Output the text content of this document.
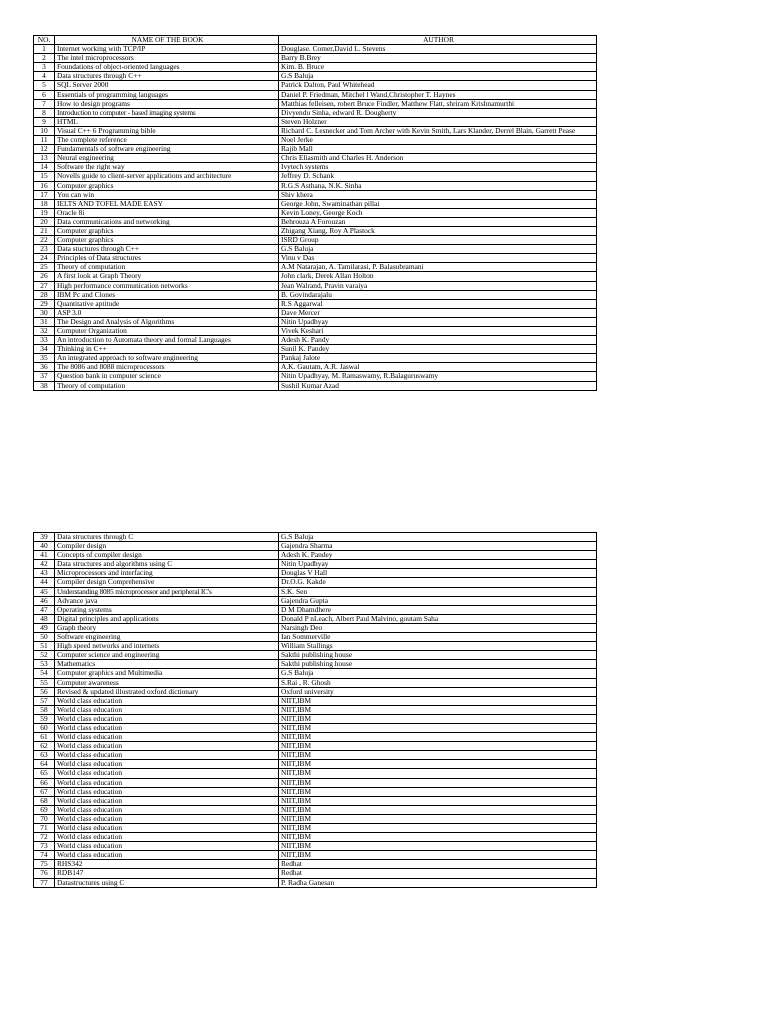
NO.	NAME OF THE BOOK	AUTHOR
1	Internet working with TCP/IP	Douglase. Comer,David L. Stevens
2	The intel microprocessors	Barry B.Brey
3	Foundations of object-oriented languages	Kim. B. Bruce
4	Data structures through C++	G.S Baluja
5	SQL Server 2000	Patrick Dalton, Paul Whitehead
6	Essentials of programming languages	Daniel P. Friedman, Mitchel l Wand,Christopher T. Haynes
7	How to design programs	Matthias felleisen, robert Bruce Findler, Matthew Flatt, shriram Krishnamurthi
8	Introduction to computer - based imaging systems	Divyendu Sinha, edward R. Dougherty
9	HTML	Steven Holzner
10	Visual C++ 6 Programming bible	Richard C. Lesnecker and Tom Archer with Kevin Smith, Lars Klander, Derrel Blain, Garrett Pease
11	The complete reference	Noel Jerke
12	Fundamentals of software engineering	Rajib Mall
13	Neural engineering	Chris Eliasmith and Charles H. Anderson
14	Software the right way	Ivytech systems
15	Novells guide to client-server applications and architecture	Jeffrey D. Schank
16	Computer graphics	R.G.S Asthana, N.K. Sinha
17	You can win	Shiv khera
18	IELTS AND TOFEL MADE EASY	George John, Swaminathan pillai
19	Oracle 8i	Kevin Loney, George Koch
20	Data communications and networking	Behrouza A Forouzan
21	Computer graphics	Zhigang Xiang, Roy A Plastock
22	Computer graphics	ISRD Group
23	Data stuctures through C++	G.S Baluja
24	Principles of Data structures	Vinu v Das
25	Theory of computation	A.M Natarajan, A. Tamilarasi, P. Balasubramani
26	A first look at Graph Theory	John clark, Derek Allan Holton
27	High performance communication networks	Jean Walrand, Pravin varaiya
28	IBM Pc and Clones	B. Govindarajalu
29	Quantitative aptitude	R.S Aggarwal
30	ASP 3.0	Dave Mercer
31	The Design and Analysis of Algorithms	Nitin Upadhyay
32	Computer Organization	Vivek Keshari
33	An introduction to Automata theory and formal Languages	Adesh K. Pandy
34	Thinking in C++	Sunil K. Pandey
35	An integrated approach to software engineering	Pankaj Jalote
36	The 8086 and 8088 microprocessors	A.K. Gautam, A.R. Jaswal
37	Question bank in computer science	Nitin Upadhyay, M. Ramaswamy, R.Balaguruswamy
38	Theory of computation	Sushil Kumar Azad
39	Data structures through C	G.S Baluja
40	Compiler design	Gajendra Sharma
41	Concepts of compiler design	Adesh K. Pandey
42	Data structures and algorithms using C	Nitin Upadhyay
43	Microprocessors and interfacing	Douglas V Hall
44	Compiler design Comprehensive	Dr.O.G. Kakde
45	Understanding 8085 microprocessor and peripheral IC's	S.K. Sen
46	Advance java	Gajendra Gupta
47	Operating systems	D M Dhamdhere
48	Digital principles and applications	Donald P nLeach, Albert Paul Malvino, goutam Saha
49	Graph theory	Narsingh Deo
50	Software engineering	Ian Sommerville
51	High speed networks and internets	William Stallings
52	Computer science and engineering	Sakthi publishing house
53	Mathematics	Sakthi publishing house
54	Computer graphics and Multimedia	G.S Baluja
55	Computer awareness	S.Rai , R. Ghosh
56	Revised & updated illustrated oxford dictionary	Oxford university
57	World class education	NIIT,IBM
58	World class education	NIIT,IBM
59	World class education	NIIT,IBM
60	World class education	NIIT,IBM
61	World class education	NIIT,IBM
62	World class education	NIIT,IBM
63	World class education	NIIT,IBM
64	World class education	NIIT,IBM
65	World class education	NIIT,IBM
66	World class education	NIIT,IBM
67	World class education	NIIT,IBM
68	World class education	NIIT,IBM
69	World class education	NIIT,IBM
70	World class education	NIIT,IBM
71	World class education	NIIT,IBM
72	World class education	NIIT,IBM
73	World class education	NIIT,IBM
74	World class education	NIIT,IBM
75	RHS342	Redhat
76	RDB147	Redhat
77	Datastructures using C	P. Radha Ganesan
